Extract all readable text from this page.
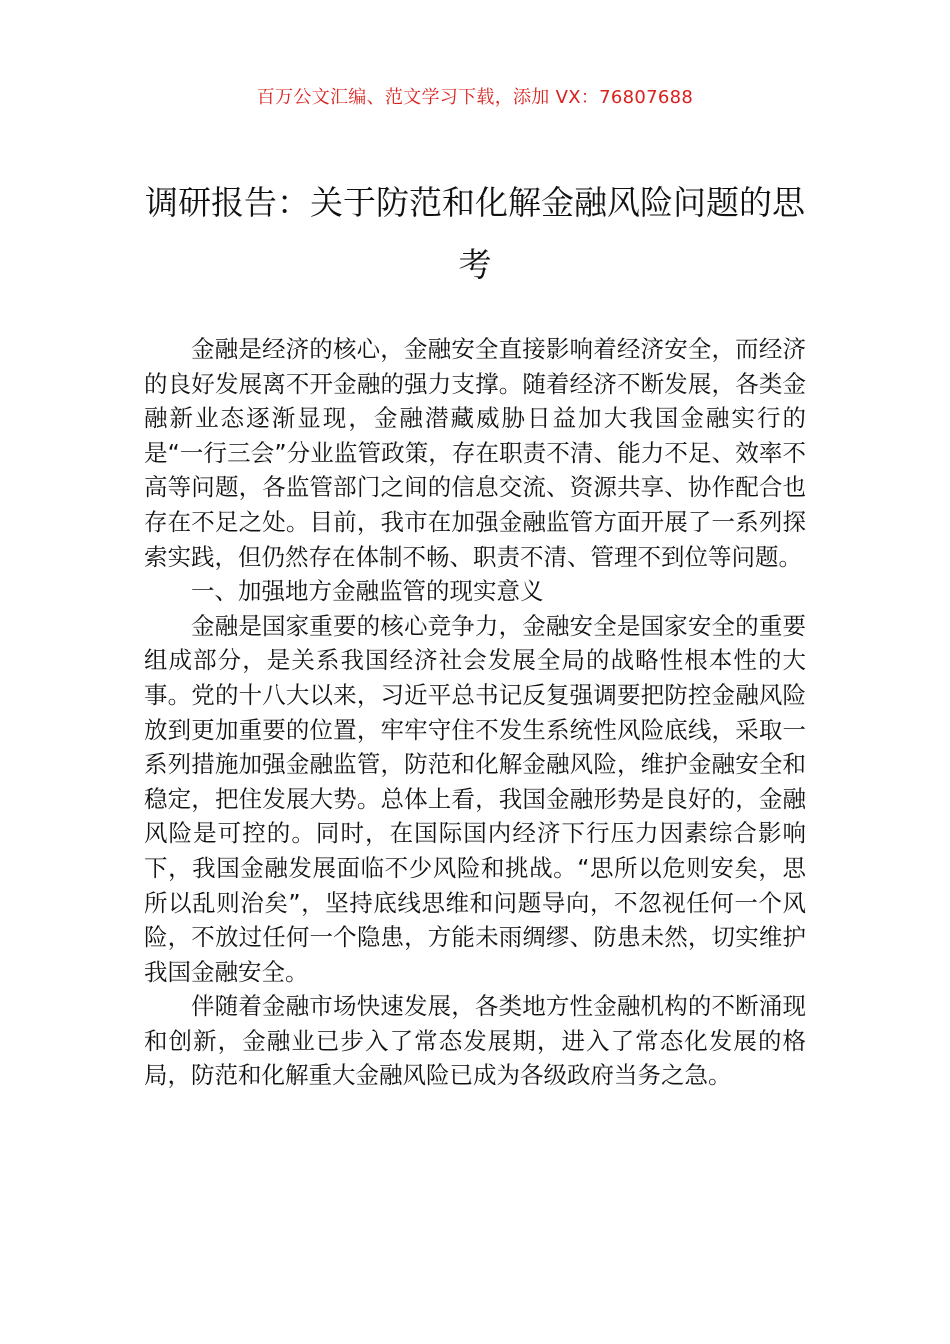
百万公文汇编、范文学习下载，添加 VX：76807688
调研报告：关于防范和化解金融风险问题的思考

金融是经济的核心，金融安全直接影响着经济安全，而经济的良好发展离不开金融的强力支撑。随着经济不断发展，各类金融新业态逐渐显现，金融潜藏威胁日益加大我国金融实行的是“一行三会”分业监管政策，存在职责不清、能力不足、效率不高等问题，各监管部门之间的信息交流、资源共享、协作配合也存在不足之处。目前，我市在加强金融监管方面开展了一系列探索实践，但仍然存在体制不畅、职责不清、管理不到位等问题。

一、加强地方金融监管的现实意义

金融是国家重要的核心竞争力，金融安全是国家安全的重要组成部分，是关系我国经济社会发展全局的战略性根本性的大事。党的十八大以来，习近平总书记反复强调要把防控金融风险放到更加重要的位置，牢牢守住不发生系统性风险底线，采取一系列措施加强金融监管，防范和化解金融风险，维护金融安全和稳定，把住发展大势。总体上看，我国金融形势是良好的，金融风险是可控的。同时，在国际国内经济下行压力因素综合影响下，我国金融发展面临不少风险和挑战。“思所以危则安矣，思所以乱则治矣”，坚持底线思维和问题导向，不忽视任何一个风险，不放过任何一个隐患，方能未雨绸缪、防患未然，切实维护我国金融安全。

伴随着金融市场快速发展，各类地方性金融机构的不断涌现和创新，金融业已步入了常态发展期，进入了常态化发展的格局，防范和化解重大金融风险已成为各级政府当务之急。
